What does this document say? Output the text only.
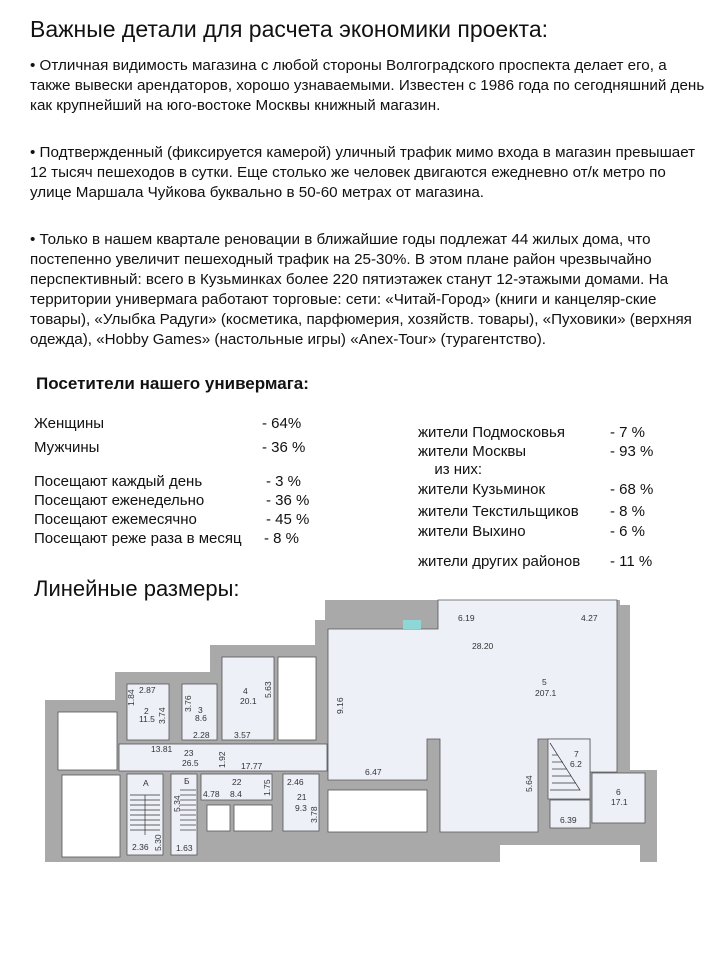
Важные детали для расчета экономики проекта:
• Отличная видимость магазина с любой стороны Волгоградского проспекта делает его, а также вывески арендаторов, хорошо узнаваемыми. Известен с 1986 года по сегодняшний день как крупнейший на юго-востоке Москвы книжный магазин.
• Подтвержденный (фиксируется камерой) уличный трафик мимо входа в магазин превышает 12 тысяч пешеходов в сутки. Еще столько же человек двигаются ежедневно от/к метро по улице Маршала Чуйкова буквально в 50-60 метрах от магазина.
• Только в нашем квартале реновации в ближайшие годы подлежат 44 жилых дома, что постепенно увеличит пешеходный трафик на 25-30%. В этом плане район чрезвычайно перспективный: всего в Кузьминках более 220 пятиэтажек станут 12-этажыми домами. На территории универмага работают торговые: сети: «Читай-Город» (книги и канцеляр-ские товары), «Улыбка Радуги» (косметика, парфюмерия, хозяйств. товары), «Пуховики» (верхняя одежда), «Hobby Games» (настольные игры) «Anex-Tour» (турагентство).
Посетители нашего универмага:
Женщины	- 64%
Мужчины	- 36 %
Посещают каждый день	- 3 %
Посещают еженедельно	- 36 %
Посещают ежемесячно	- 45 %
Посещают реже раза в месяц - 8 %
жители Подмосковья	- 7 %
жители Москвы	- 93 %
из них:
жители Кузьминок	- 68 %
жители Текстильщиков - 8 %
жители Выхино	- 6 %
жители других районов - 11 %
Линейные размеры:
2.87
1.84
2
11.5 3.74
3.76 3
8.6
4
20.1
5.63
2.28	3.57
13.81 23
26.5 1.92 17.77
А	Б
5.34
2.36 5.30 1.63
4.78
22
8.4 1.75 2.46
21
9.3 3.78
9.16
6.47
6.19
28.20
4.27
5
207.1
5.64
7
6.2
6
17.1
6.39
